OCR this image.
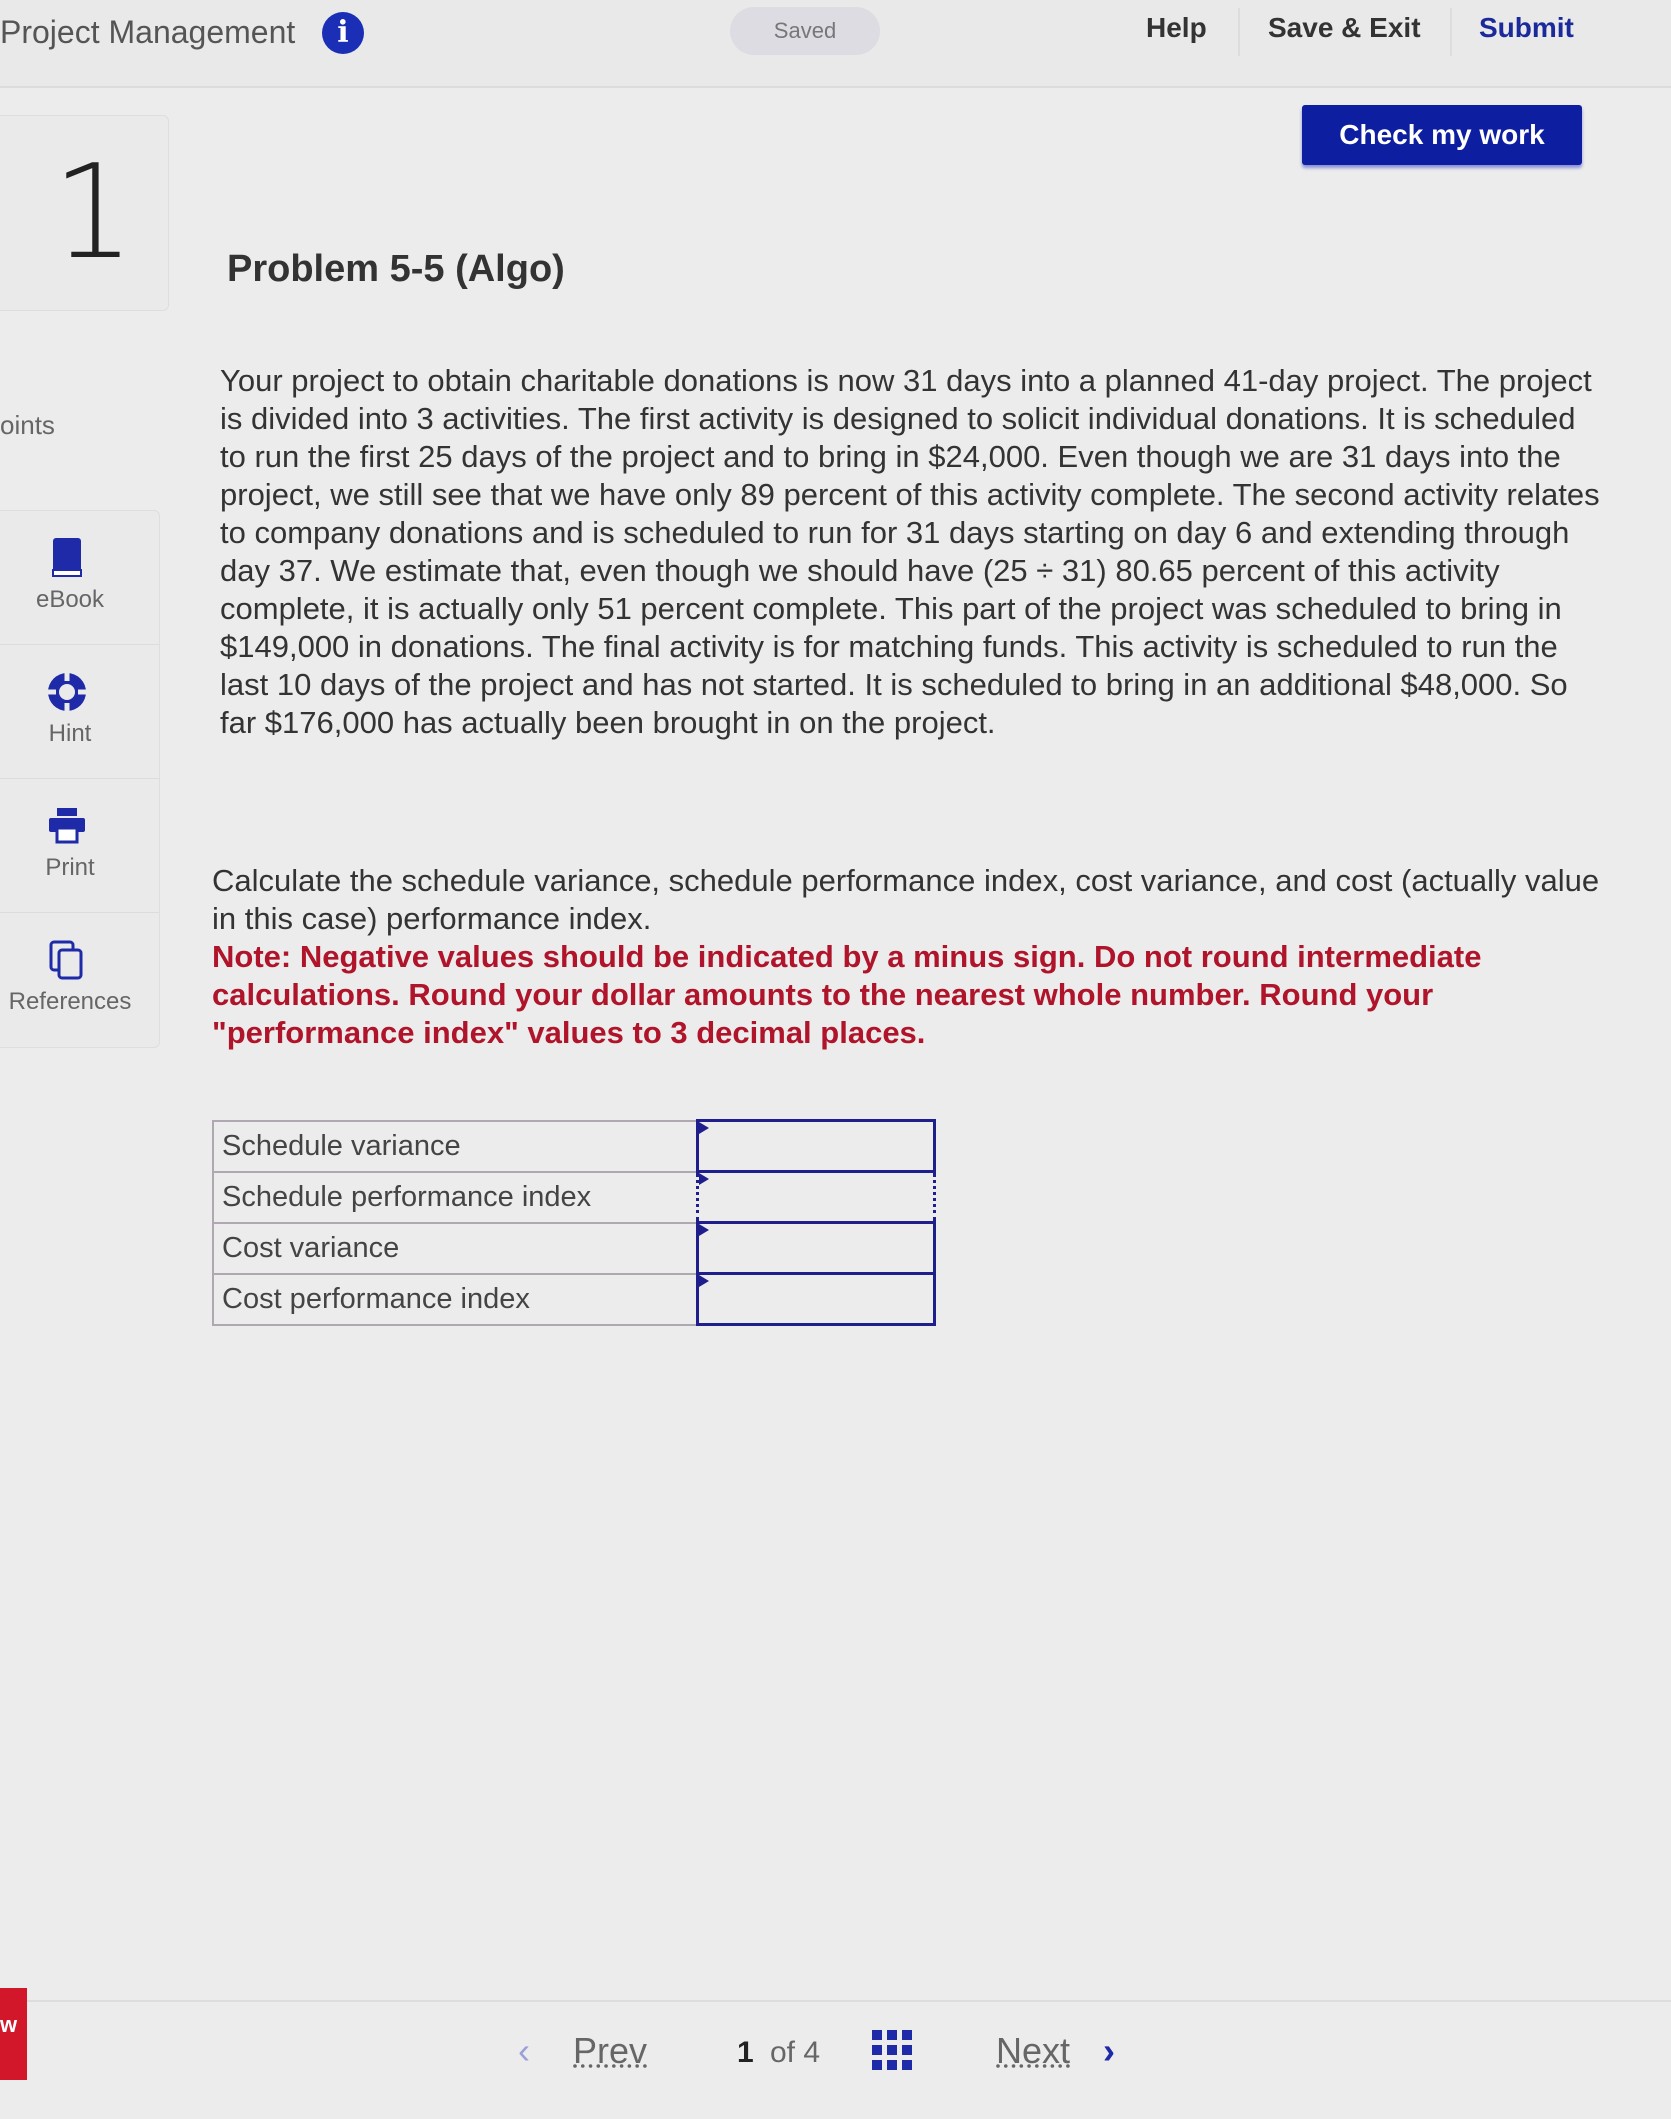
Project Management	i	Saved	Help Save & Exit Submit
Check my work
1
oints
eBook
Hint
Print
References
Problem 5-5 (Algo)

Your project to obtain charitable donations is now 31 days into a planned 41-day project. The project is divided into 3 activities. The first activity is designed to solicit individual donations. It is scheduled to run the first 25 days of the project and to bring in $24,000. Even though we are 31 days into the project, we still see that we have only 89 percent of this activity complete. The second activity relates to company donations and is scheduled to run for 31 days starting on day 6 and extending through day 37. We estimate that, even though we should have (25 ÷ 31) 80.65 percent of this activity complete, it is actually only 51 percent complete. This part of the project was scheduled to bring in $149,000 in donations. The final activity is for matching funds. This activity is scheduled to run the last 10 days of the project and has not started. It is scheduled to bring in an additional $48,000. So far $176,000 has actually been brought in on the project.

Calculate the schedule variance, schedule performance index, cost variance, and cost (actually value in this case) performance index.

Note: Negative values should be indicated by a minus sign. Do not round intermediate calculations. Round your dollar amounts to the nearest whole number. Round your "performance index" values to 3 decimal places.

Schedule variance	
Schedule performance index	
Cost variance	
Cost performance index	
w
‹ Prev	1 of 4	Next ›
